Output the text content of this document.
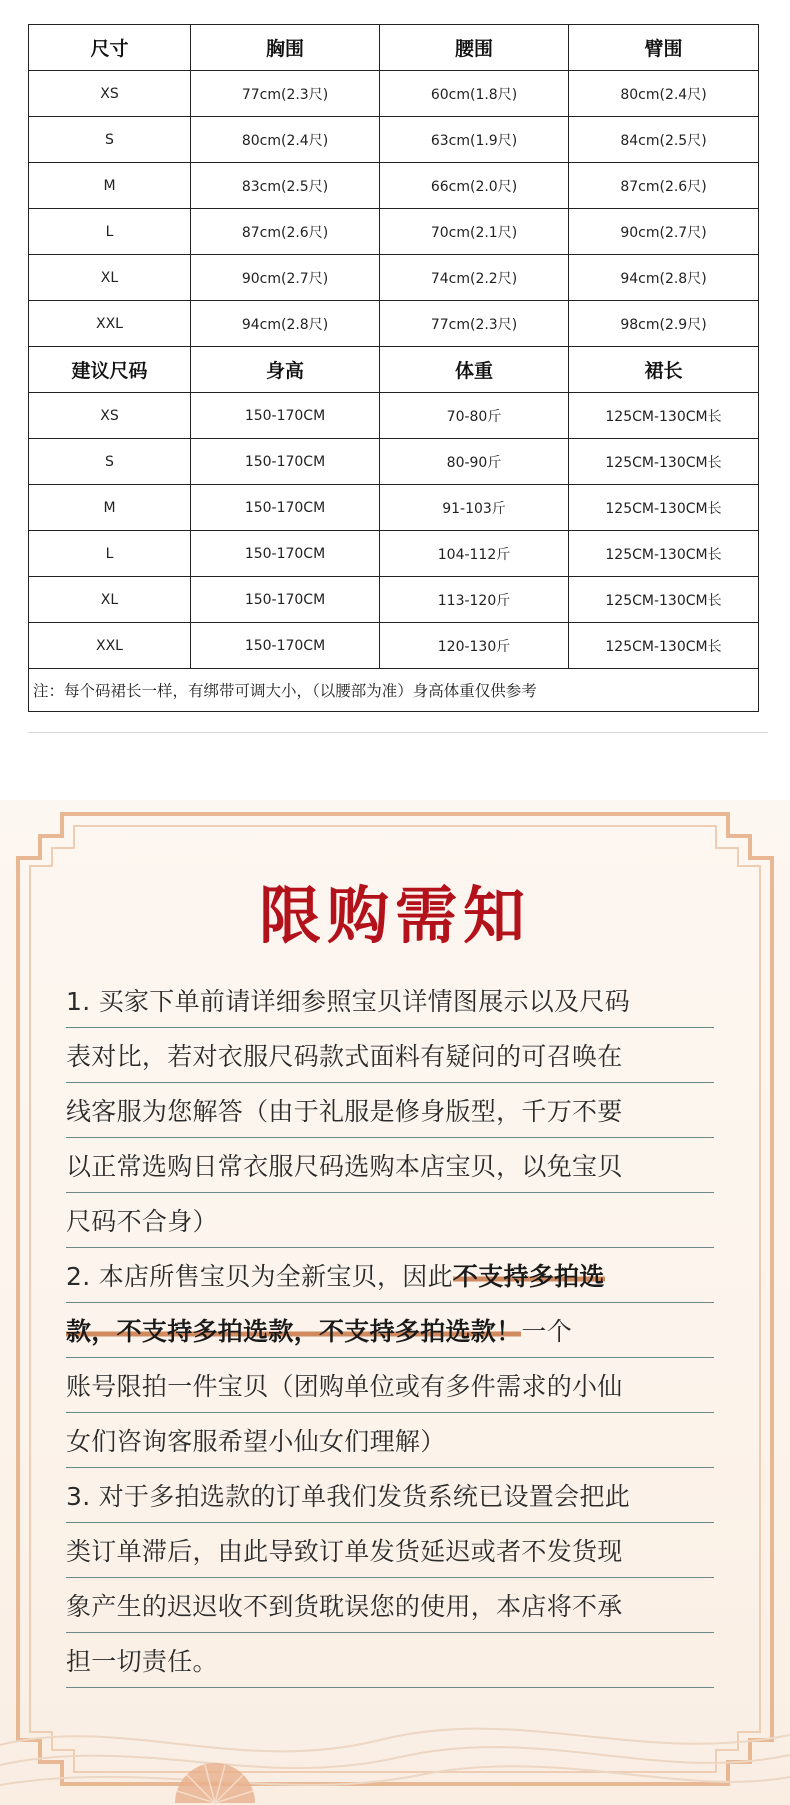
尺寸	胸围	腰围	臂围
XS	77cm(2.3尺)	60cm(1.8尺)	80cm(2.4尺)
S	80cm(2.4尺)	63cm(1.9尺)	84cm(2.5尺)
M	83cm(2.5尺)	66cm(2.0尺)	87cm(2.6尺)
L	87cm(2.6尺)	70cm(2.1尺)	90cm(2.7尺)
XL	90cm(2.7尺)	74cm(2.2尺)	94cm(2.8尺)
XXL	94cm(2.8尺)	77cm(2.3尺)	98cm(2.9尺)
建议尺码	身高	体重	裙长
XS	150-170CM	70-80斤	125CM-130CM长
S	150-170CM	80-90斤	125CM-130CM长
M	150-170CM	91-103斤	125CM-130CM长
L	150-170CM	104-112斤	125CM-130CM长
XL	150-170CM	113-120斤	125CM-130CM长
XXL	150-170CM	120-130斤	125CM-130CM长
注：每个码裙长一样，有绑带可调大小，（以腰部为准）身高体重仅供参考			
限购需知
1. 买家下单前请详细参照宝贝详情图展示以及尺码
表对比，若对衣服尺码款式面料有疑问的可召唤在
线客服为您解答（由于礼服是修身版型，千万不要
以正常选购日常衣服尺码选购本店宝贝，以免宝贝
尺码不合身）
2. 本店所售宝贝为全新宝贝，因此不支持多拍选
款，不支持多拍选款，不支持多拍选款！一个
账号限拍一件宝贝（团购单位或有多件需求的小仙
女们咨询客服希望小仙女们理解）
3. 对于多拍选款的订单我们发货系统已设置会把此
类订单滞后，由此导致订单发货延迟或者不发货现
象产生的迟迟收不到货耽误您的使用，本店将不承
担一切责任。
